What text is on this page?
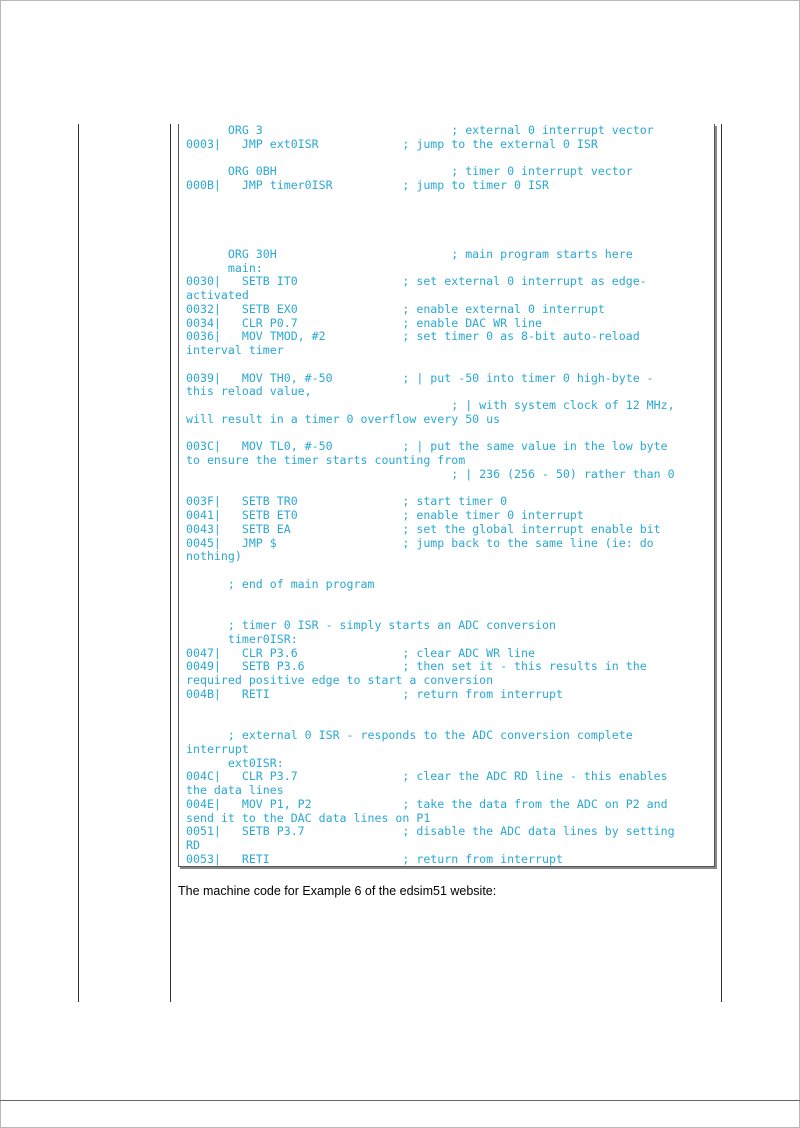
ORG 3                           ; external 0 interrupt vector
0003|   JMP ext0ISR            ; jump to the external 0 ISR

ORG 0BH                         ; timer 0 interrupt vector
000B|   JMP timer0ISR          ; jump to timer 0 ISR

ORG 30H                         ; main program starts here
main:
0030|   SETB IT0               ; set external 0 interrupt as edge-
activated
0032|   SETB EX0               ; enable external 0 interrupt
0034|   CLR P0.7               ; enable DAC WR line
0036|   MOV TMOD, #2           ; set timer 0 as 8-bit auto-reload
interval timer

0039|   MOV TH0, #-50          ; | put -50 into timer 0 high-byte -
this reload value,
; | with system clock of 12 MHz,
will result in a timer 0 overflow every 50 us

003C|   MOV TL0, #-50          ; | put the same value in the low byte
to ensure the timer starts counting from
; | 236 (256 - 50) rather than 0

003F|   SETB TR0               ; start timer 0
0041|   SETB ET0               ; enable timer 0 interrupt
0043|   SETB EA                ; set the global interrupt enable bit
0045|   JMP $                  ; jump back to the same line (ie: do
nothing)

; end of main program

; timer 0 ISR - simply starts an ADC conversion
timer0ISR:
0047|   CLR P3.6               ; clear ADC WR line
0049|   SETB P3.6              ; then set it - this results in the
required positive edge to start a conversion
004B|   RETI                   ; return from interrupt

; external 0 ISR - responds to the ADC conversion complete
interrupt
ext0ISR:
004C|   CLR P3.7               ; clear the ADC RD line - this enables
the data lines
004E|   MOV P1, P2             ; take the data from the ADC on P2 and
send it to the DAC data lines on P1
0051|   SETB P3.7              ; disable the ADC data lines by setting
RD
0053|   RETI                   ; return from interrupt

The machine code for Example 6 of the edsim51 website:
